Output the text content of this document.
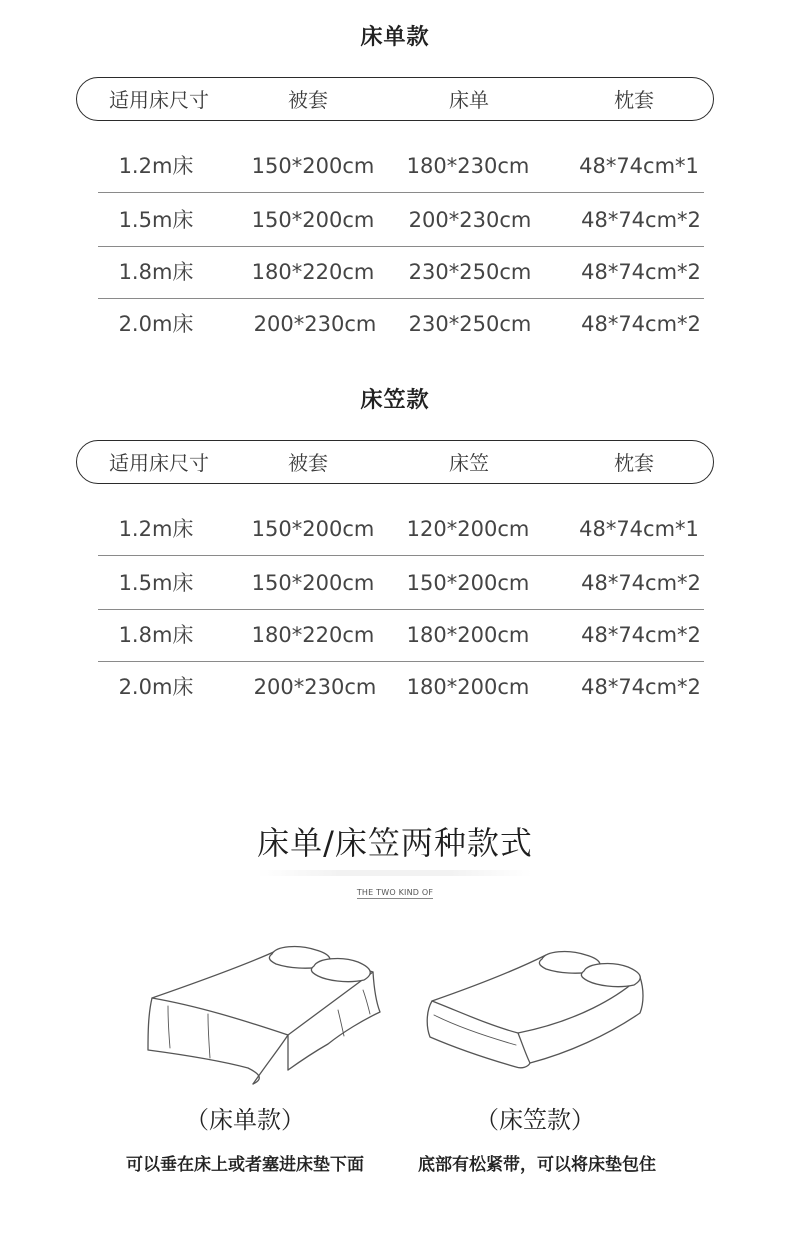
床单款
适用床尺寸	被套	床单	枕套
1.2m床	150*200cm	180*230cm	48*74cm*1
1.5m床	150*200cm	200*230cm	48*74cm*2
1.8m床	180*220cm	230*250cm	48*74cm*2
2.0m床	200*230cm	230*250cm	48*74cm*2
床笠款
适用床尺寸	被套	床笠	枕套
1.2m床	150*200cm	120*200cm	48*74cm*1
1.5m床	150*200cm	150*200cm	48*74cm*2
1.8m床	180*220cm	180*200cm	48*74cm*2
2.0m床	200*230cm	180*200cm	48*74cm*2
床单/床笠两种款式
THE TWO KIND OF
（床单款）	（床笠款）
可以垂在床上或者塞进床垫下面	底部有松紧带，可以将床垫包住
